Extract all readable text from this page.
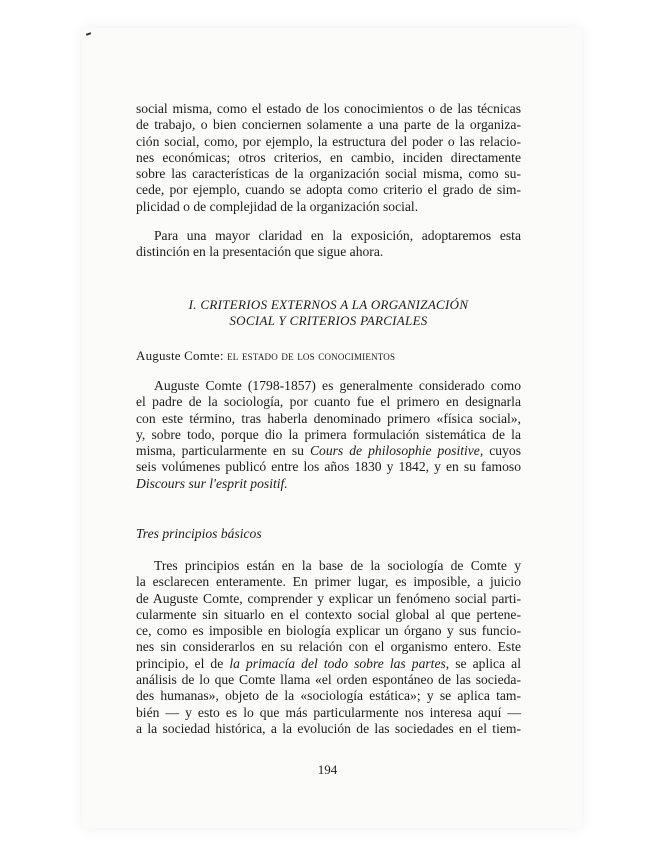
social misma, como el estado de los conocimientos o de las técnicas
de trabajo, o bien conciernen solamente a una parte de la organiza-
ción social, como, por ejemplo, la estructura del poder o las relacio-
nes económicas; otros criterios, en cambio, inciden directamente
sobre las características de la organización social misma, como su-
cede, por ejemplo, cuando se adopta como criterio el grado de sim-
plicidad o de complejidad de la organización social.
Para una mayor claridad en la exposición, adoptaremos esta
distinción en la presentación que sigue ahora.
I. CRITERIOS EXTERNOS A LA ORGANIZACIÓN
SOCIAL Y CRITERIOS PARCIALES
Auguste Comte: el estado de los conocimientos
Auguste Comte (1798-1857) es generalmente considerado como
el padre de la sociología, por cuanto fue el primero en designarla
con este término, tras haberla denominado primero «física social»,
y, sobre todo, porque dio la primera formulación sistemática de la
misma, particularmente en su Cours de philosophie positive, cuyos
seis volúmenes publicó entre los años 1830 y 1842, y en su famoso
Discours sur l'esprit positif.
Tres principios básicos
Tres principios están en la base de la sociología de Comte y
la esclarecen enteramente. En primer lugar, es imposible, a juicio
de Auguste Comte, comprender y explicar un fenómeno social parti-
cularmente sin situarlo en el contexto social global al que pertene-
ce, como es imposible en biología explicar un órgano y sus funcio-
nes sin considerarlos en su relación con el organismo entero. Este
principio, el de la primacía del todo sobre las partes, se aplica al
análisis de lo que Comte llama «el orden espontáneo de las socieda-
des humanas», objeto de la «sociología estática»; y se aplica tam-
bién — y esto es lo que más particularmente nos interesa aquí —
a la sociedad histórica, a la evolución de las sociedades en el tiem-
194
